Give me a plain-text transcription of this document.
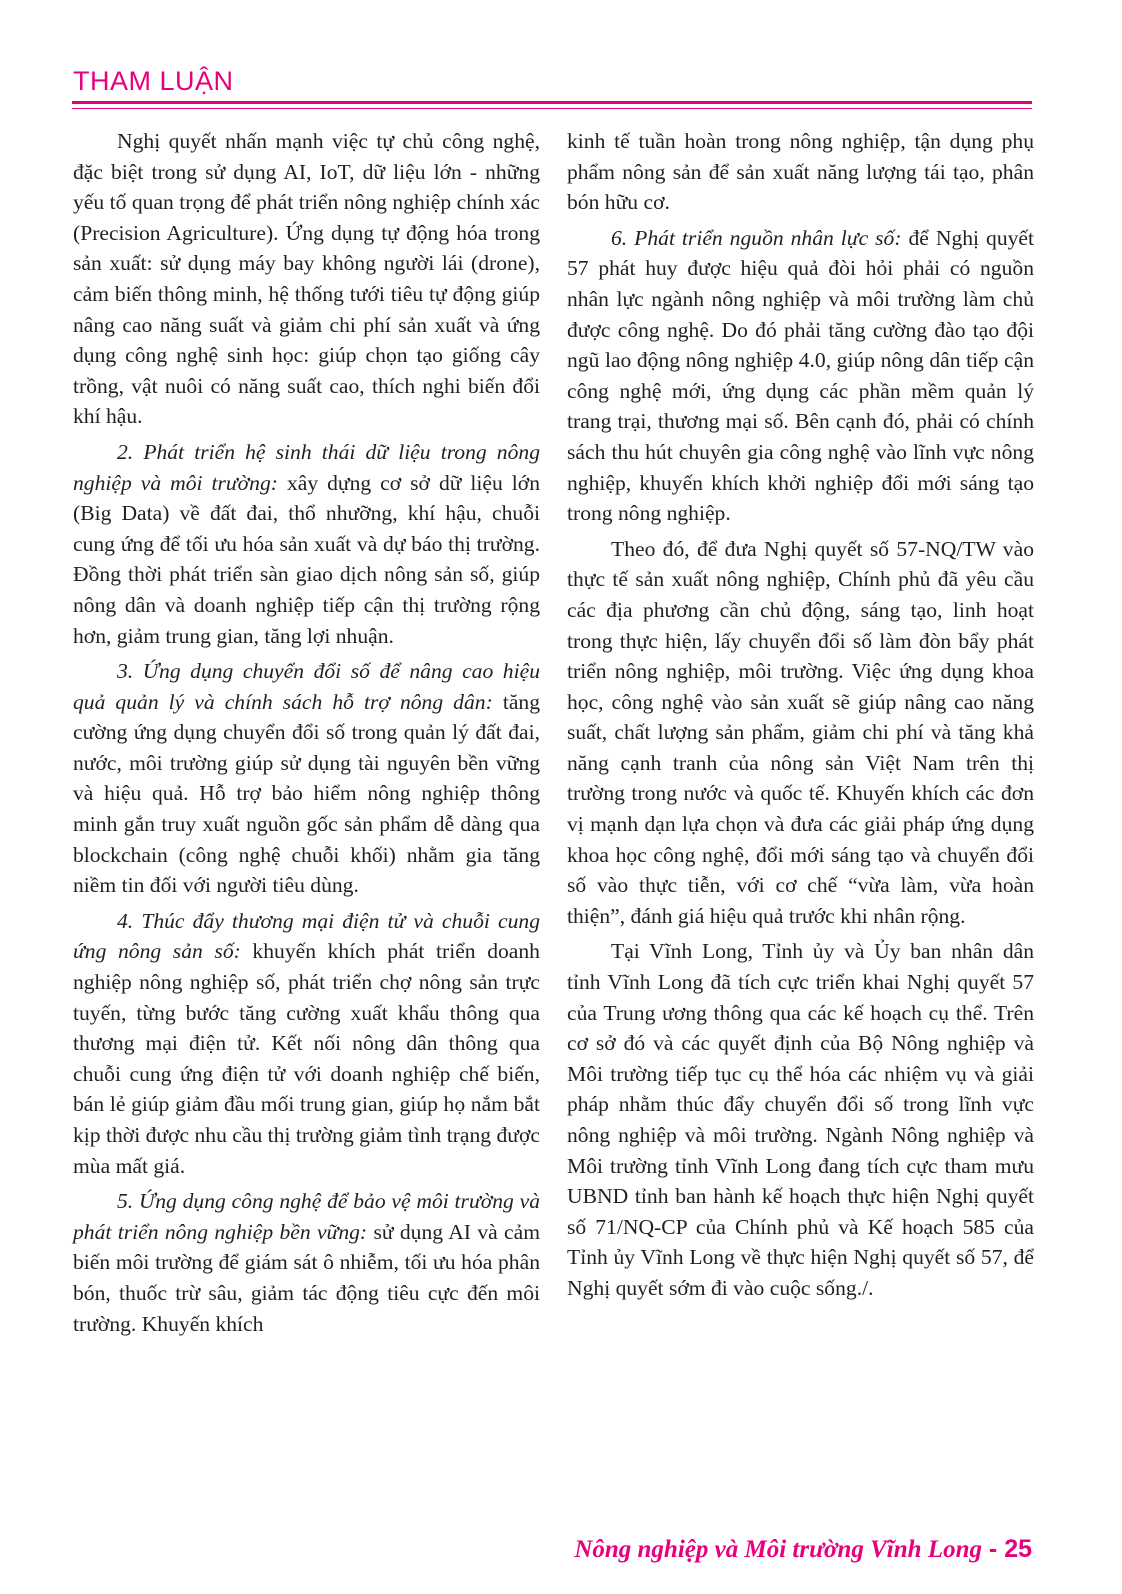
THAM LUẬN

Nghị quyết nhấn mạnh việc tự chủ công nghệ, đặc biệt trong sử dụng AI, IoT, dữ liệu lớn - những yếu tố quan trọng để phát triển nông nghiệp chính xác (Precision Agriculture). Ứng dụng tự động hóa trong sản xuất: sử dụng máy bay không người lái (drone), cảm biến thông minh, hệ thống tưới tiêu tự động giúp nâng cao năng suất và giảm chi phí sản xuất và ứng dụng công nghệ sinh học: giúp chọn tạo giống cây trồng, vật nuôi có năng suất cao, thích nghi biến đổi khí hậu.

2. Phát triển hệ sinh thái dữ liệu trong nông nghiệp và môi trường: xây dựng cơ sở dữ liệu lớn (Big Data) về đất đai, thổ nhưỡng, khí hậu, chuỗi cung ứng để tối ưu hóa sản xuất và dự báo thị trường. Đồng thời phát triển sàn giao dịch nông sản số, giúp nông dân và doanh nghiệp tiếp cận thị trường rộng hơn, giảm trung gian, tăng lợi nhuận.

3. Ứng dụng chuyển đổi số để nâng cao hiệu quả quản lý và chính sách hỗ trợ nông dân: tăng cường ứng dụng chuyển đổi số trong quản lý đất đai, nước, môi trường giúp sử dụng tài nguyên bền vững và hiệu quả. Hỗ trợ bảo hiểm nông nghiệp thông minh gắn truy xuất nguồn gốc sản phẩm dễ dàng qua blockchain (công nghệ chuỗi khối) nhằm gia tăng niềm tin đối với người tiêu dùng.

4. Thúc đẩy thương mại điện tử và chuỗi cung ứng nông sản số: khuyến khích phát triển doanh nghiệp nông nghiệp số, phát triển chợ nông sản trực tuyến, từng bước tăng cường xuất khẩu thông qua thương mại điện tử. Kết nối nông dân thông qua chuỗi cung ứng điện tử với doanh nghiệp chế biến, bán lẻ giúp giảm đầu mối trung gian, giúp họ nắm bắt kịp thời được nhu cầu thị trường giảm tình trạng được mùa mất giá.

5. Ứng dụng công nghệ để bảo vệ môi trường và phát triển nông nghiệp bền vững: sử dụng AI và cảm biến môi trường để giám sát ô nhiễm, tối ưu hóa phân bón, thuốc trừ sâu, giảm tác động tiêu cực đến môi trường. Khuyến khích

kinh tế tuần hoàn trong nông nghiệp, tận dụng phụ phẩm nông sản để sản xuất năng lượng tái tạo, phân bón hữu cơ.

6. Phát triển nguồn nhân lực số: để Nghị quyết 57 phát huy được hiệu quả đòi hỏi phải có nguồn nhân lực ngành nông nghiệp và môi trường làm chủ được công nghệ. Do đó phải tăng cường đào tạo đội ngũ lao động nông nghiệp 4.0, giúp nông dân tiếp cận công nghệ mới, ứng dụng các phần mềm quản lý trang trại, thương mại số. Bên cạnh đó, phải có chính sách thu hút chuyên gia công nghệ vào lĩnh vực nông nghiệp, khuyến khích khởi nghiệp đổi mới sáng tạo trong nông nghiệp.

Theo đó, để đưa Nghị quyết số 57-NQ/TW vào thực tế sản xuất nông nghiệp, Chính phủ đã yêu cầu các địa phương cần chủ động, sáng tạo, linh hoạt trong thực hiện, lấy chuyển đổi số làm đòn bẩy phát triển nông nghiệp, môi trường. Việc ứng dụng khoa học, công nghệ vào sản xuất sẽ giúp nâng cao năng suất, chất lượng sản phẩm, giảm chi phí và tăng khả năng cạnh tranh của nông sản Việt Nam trên thị trường trong nước và quốc tế. Khuyến khích các đơn vị mạnh dạn lựa chọn và đưa các giải pháp ứng dụng khoa học công nghệ, đổi mới sáng tạo và chuyển đổi số vào thực tiễn, với cơ chế “vừa làm, vừa hoàn thiện”, đánh giá hiệu quả trước khi nhân rộng.

Tại Vĩnh Long, Tỉnh ủy và Ủy ban nhân dân tỉnh Vĩnh Long đã tích cực triển khai Nghị quyết 57 của Trung ương thông qua các kế hoạch cụ thể. Trên cơ sở đó và các quyết định của Bộ Nông nghiệp và Môi trường tiếp tục cụ thể hóa các nhiệm vụ và giải pháp nhằm thúc đẩy chuyển đổi số trong lĩnh vực nông nghiệp và môi trường. Ngành Nông nghiệp và Môi trường tỉnh Vĩnh Long đang tích cực tham mưu UBND tỉnh ban hành kế hoạch thực hiện Nghị quyết số 71/NQ-CP của Chính phủ và Kế hoạch 585 của Tỉnh ủy Vĩnh Long về thực hiện Nghị quyết số 57, để Nghị quyết sớm đi vào cuộc sống./.

Nông nghiệp và Môi trường Vĩnh Long - 25
